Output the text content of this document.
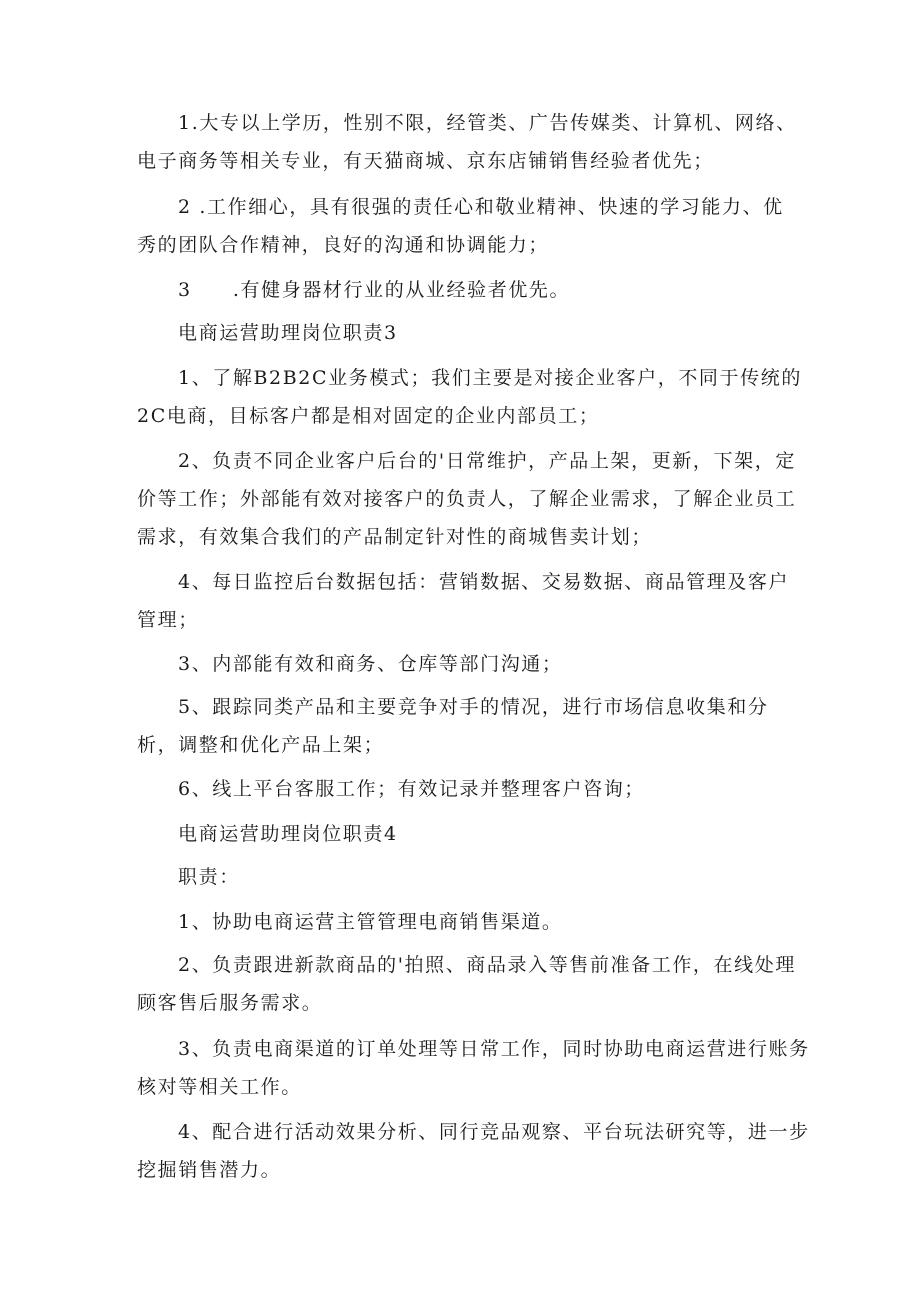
1.大专以上学历，性别不限，经管类、广告传媒类、计算机、网络、
电子商务等相关专业，有天猫商城、京东店铺销售经验者优先；
2 .工作细心，具有很强的责任心和敬业精神、快速的学习能力、优
秀的团队合作精神，良好的沟通和协调能力；
3　　.有健身器材行业的从业经验者优先。
电商运营助理岗位职责3
1、了解B2B2C业务模式；我们主要是对接企业客户，不同于传统的
2C电商，目标客户都是相对固定的企业内部员工；
2、负责不同企业客户后台的'日常维护，产品上架，更新，下架，定
价等工作；外部能有效对接客户的负责人，了解企业需求，了解企业员工
需求，有效集合我们的产品制定针对性的商城售卖计划；
4、每日监控后台数据包括：营销数据、交易数据、商品管理及客户
管理；
3、内部能有效和商务、仓库等部门沟通；
5、跟踪同类产品和主要竞争对手的情况，进行市场信息收集和分
析，调整和优化产品上架；
6、线上平台客服工作；有效记录并整理客户咨询；
电商运营助理岗位职责4
职责：
1、协助电商运营主管管理电商销售渠道。
2、负责跟进新款商品的'拍照、商品录入等售前准备工作，在线处理
顾客售后服务需求。
3、负责电商渠道的订单处理等日常工作，同时协助电商运营进行账务
核对等相关工作。
4、配合进行活动效果分析、同行竞品观察、平台玩法研究等，进一步
挖掘销售潜力。
